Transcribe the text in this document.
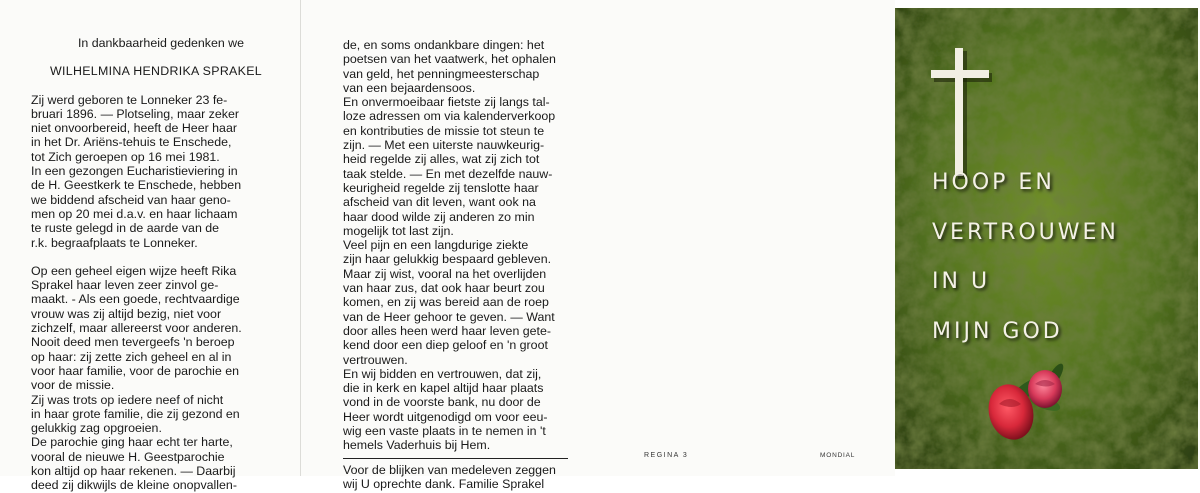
In dankbaarheid gedenken we

WILHELMINA HENDRIKA SPRAKEL

Zij werd geboren te Lonneker 23 fe-

bruari 1896. — Plotseling, maar zeker

niet onvoorbereid, heeft de Heer haar

in het Dr. Ariëns-tehuis te Enschede,

tot Zich geroepen op 16 mei 1981.

In een gezongen Eucharistieviering in

de H. Geestkerk te Enschede, hebben

we biddend afscheid van haar geno-

men op 20 mei d.a.v. en haar lichaam

te ruste gelegd in de aarde van de

r.k. begraafplaats te Lonneker.

Op een geheel eigen wijze heeft Rika

Sprakel haar leven zeer zinvol ge-

maakt. - Als een goede, rechtvaardige

vrouw was zij altijd bezig, niet voor

zichzelf, maar allereerst voor anderen.

Nooit deed men tevergeefs 'n beroep

op haar: zij zette zich geheel en al in

voor haar familie, voor de parochie en

voor de missie.

Zij was trots op iedere neef of nicht

in haar grote familie, die zij gezond en

gelukkig zag opgroeien.

De parochie ging haar echt ter harte,

vooral de nieuwe H. Geestparochie

kon altijd op haar rekenen. — Daarbij

deed zij dikwijls de kleine onopvallen-

de, en soms ondankbare dingen: het

poetsen van het vaatwerk, het ophalen

van geld, het penningmeesterschap

van een bejaardensoos.

En onvermoeibaar fietste zij langs tal-

loze adressen om via kalenderverkoop

en kontributies de missie tot steun te

zijn. — Met een uiterste nauwkeurig-

heid regelde zij alles, wat zij zich tot

taak stelde. — En met dezelfde nauw-

keurigheid regelde zij tenslotte haar

afscheid van dit leven, want ook na

haar dood wilde zij anderen zo min

mogelijk tot last zijn.

Veel pijn en een langdurige ziekte

zijn haar gelukkig bespaard gebleven.

Maar zij wist, vooral na het overlijden

van haar zus, dat ook haar beurt zou

komen, en zij was bereid aan de roep

van de Heer gehoor te geven. — Want

door alles heen werd haar leven getе-

kend door een diep geloof en 'n groot

vertrouwen.

En wij bidden en vertrouwen, dat zij,

die in kerk en kapel altijd haar plaats

vond in de voorste bank, nu door de

Heer wordt uitgenodigd om voor eeu-

wig een vaste plaats in te nemen in 't

hemels Vaderhuis bij Hem.

Voor de blijken van medeleven zeggen

wij U oprechte dank. Familie Sprakel

REGINA 3	MONDIAL
HOOP EN
VERTROUWEN
IN U
MIJN GOD
